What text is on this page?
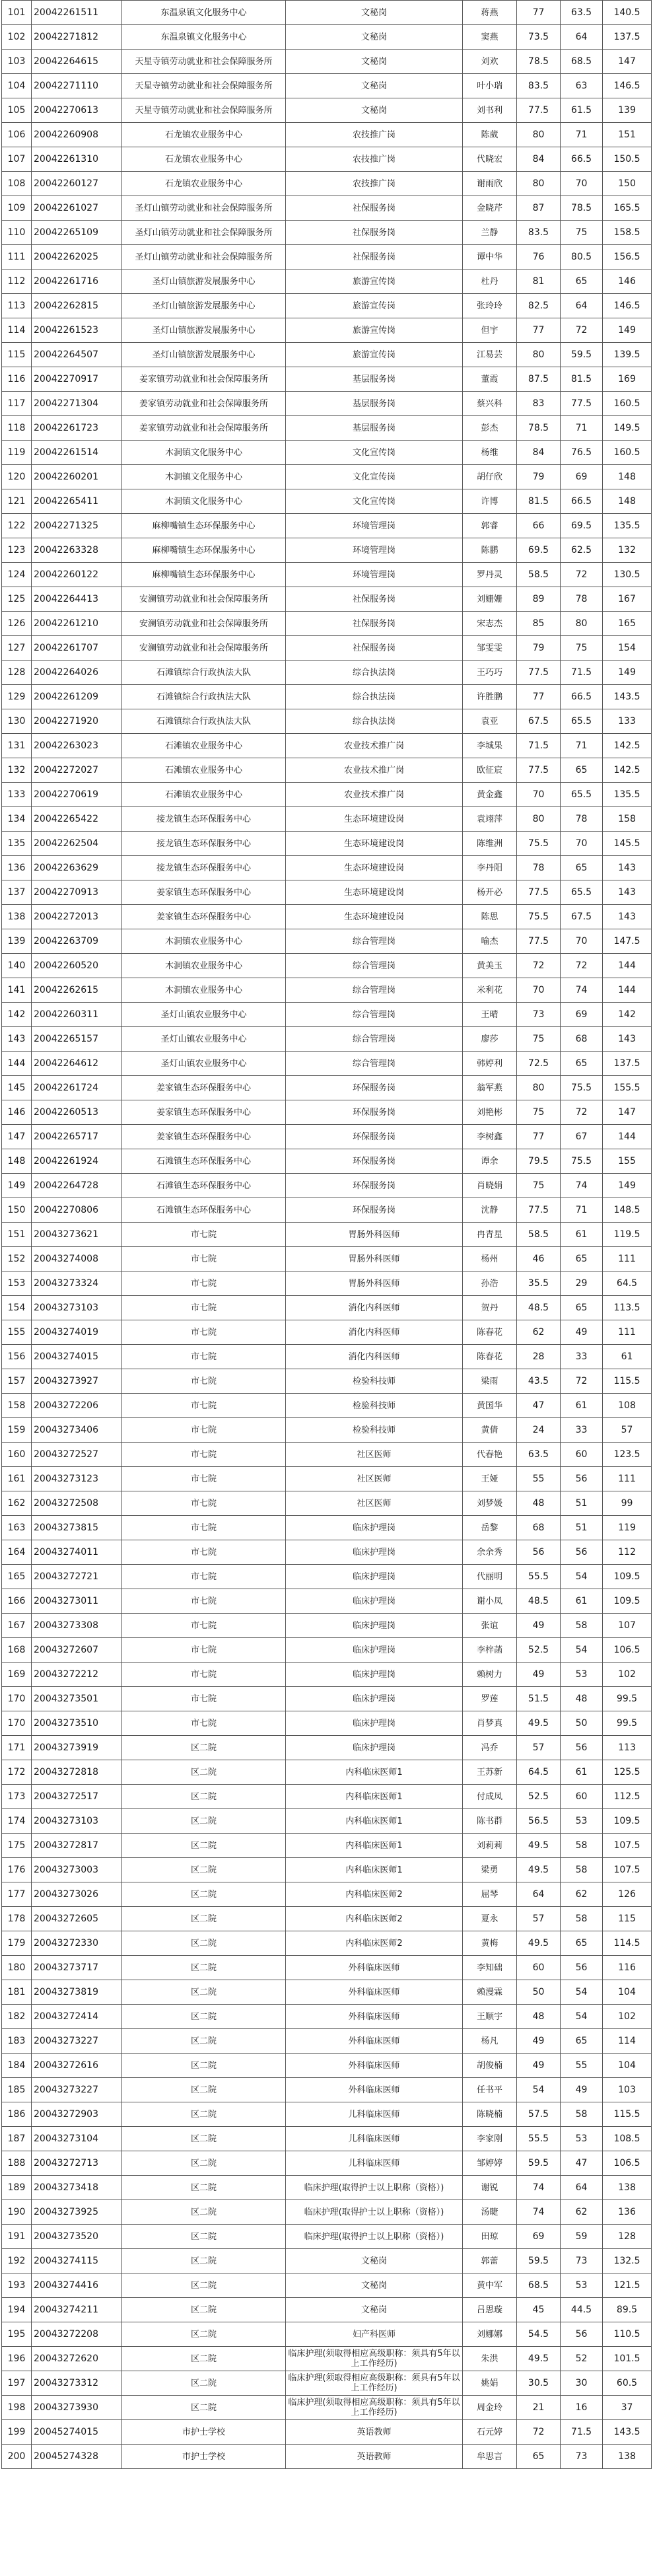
101	20042261511	东温泉镇文化服务中心	文秘岗	蒋燕	77	63.5	140.5
102	20042271812	东温泉镇文化服务中心	文秘岗	窦燕	73.5	64	137.5
103	20042264615	天星寺镇劳动就业和社会保障服务所	文秘岗	刘欢	78.5	68.5	147
104	20042271110	天星寺镇劳动就业和社会保障服务所	文秘岗	叶小瑞	83.5	63	146.5
105	20042270613	天星寺镇劳动就业和社会保障服务所	文秘岗	刘书利	77.5	61.5	139
106	20042260908	石龙镇农业服务中心	农技推广岗	陈葳	80	71	151
107	20042261310	石龙镇农业服务中心	农技推广岗	代晓宏	84	66.5	150.5
108	20042260127	石龙镇农业服务中心	农技推广岗	谢雨欣	80	70	150
109	20042261027	圣灯山镇劳动就业和社会保障服务所	社保服务岗	金晓芹	87	78.5	165.5
110	20042265109	圣灯山镇劳动就业和社会保障服务所	社保服务岗	兰静	83.5	75	158.5
111	20042262025	圣灯山镇劳动就业和社会保障服务所	社保服务岗	谭中华	76	80.5	156.5
112	20042261716	圣灯山镇旅游发展服务中心	旅游宣传岗	杜丹	81	65	146
113	20042262815	圣灯山镇旅游发展服务中心	旅游宣传岗	张玲玲	82.5	64	146.5
114	20042261523	圣灯山镇旅游发展服务中心	旅游宣传岗	但宇	77	72	149
115	20042264507	圣灯山镇旅游发展服务中心	旅游宣传岗	江易芸	80	59.5	139.5
116	20042270917	姜家镇劳动就业和社会保障服务所	基层服务岗	董霞	87.5	81.5	169
117	20042271304	姜家镇劳动就业和社会保障服务所	基层服务岗	蔡兴科	83	77.5	160.5
118	20042261723	姜家镇劳动就业和社会保障服务所	基层服务岗	彭杰	78.5	71	149.5
119	20042261514	木洞镇文化服务中心	文化宣传岗	杨维	84	76.5	160.5
120	20042260201	木洞镇文化服务中心	文化宣传岗	胡仔欣	79	69	148
121	20042265411	木洞镇文化服务中心	文化宣传岗	许博	81.5	66.5	148
122	20042271325	麻柳嘴镇生态环保服务中心	环境管理岗	郭睿	66	69.5	135.5
123	20042263328	麻柳嘴镇生态环保服务中心	环境管理岗	陈鹏	69.5	62.5	132
124	20042260122	麻柳嘴镇生态环保服务中心	环境管理岗	罗丹灵	58.5	72	130.5
125	20042264413	安澜镇劳动就业和社会保障服务所	社保服务岗	刘姗姗	89	78	167
126	20042261210	安澜镇劳动就业和社会保障服务所	社保服务岗	宋志杰	85	80	165
127	20042261707	安澜镇劳动就业和社会保障服务所	社保服务岗	邹雯雯	79	75	154
128	20042264026	石滩镇综合行政执法大队	综合执法岗	王巧巧	77.5	71.5	149
129	20042261209	石滩镇综合行政执法大队	综合执法岗	许胜鹏	77	66.5	143.5
130	20042271920	石滩镇综合行政执法大队	综合执法岗	袁亚	67.5	65.5	133
131	20042263023	石滩镇农业服务中心	农业技术推广岗	李城果	71.5	71	142.5
132	20042272027	石滩镇农业服务中心	农业技术推广岗	欧征宸	77.5	65	142.5
133	20042270619	石滩镇农业服务中心	农业技术推广岗	黄金鑫	70	65.5	135.5
134	20042265422	接龙镇生态环保服务中心	生态环境建设岗	袁翊萍	80	78	158
135	20042262504	接龙镇生态环保服务中心	生态环境建设岗	陈维洲	75.5	70	145.5
136	20042263629	接龙镇生态环保服务中心	生态环境建设岗	李丹阳	78	65	143
137	20042270913	姜家镇生态环保服务中心	生态环境建设岗	杨开必	77.5	65.5	143
138	20042272013	姜家镇生态环保服务中心	生态环境建设岗	陈思	75.5	67.5	143
139	20042263709	木洞镇农业服务中心	综合管理岗	喻杰	77.5	70	147.5
140	20042260520	木洞镇农业服务中心	综合管理岗	黄美玉	72	72	144
141	20042262615	木洞镇农业服务中心	综合管理岗	米利花	70	74	144
142	20042260311	圣灯山镇农业服务中心	综合管理岗	王晴	73	69	142
143	20042265157	圣灯山镇农业服务中心	综合管理岗	廖莎	75	68	143
144	20042264612	圣灯山镇农业服务中心	综合管理岗	韩婷利	72.5	65	137.5
145	20042261724	姜家镇生态环保服务中心	环保服务岗	翁军燕	80	75.5	155.5
146	20042260513	姜家镇生态环保服务中心	环保服务岗	刘艳彬	75	72	147
147	20042265717	姜家镇生态环保服务中心	环保服务岗	李树鑫	77	67	144
148	20042261924	石滩镇生态环保服务中心	环保服务岗	谭余	79.5	75.5	155
149	20042264728	石滩镇生态环保服务中心	环保服务岗	肖晓娟	75	74	149
150	20042270806	石滩镇生态环保服务中心	环保服务岗	沈静	77.5	71	148.5
151	20043273621	市七院	胃肠外科医师	冉青星	58.5	61	119.5
152	20043274008	市七院	胃肠外科医师	杨州	46	65	111
153	20043273324	市七院	胃肠外科医师	孙浩	35.5	29	64.5
154	20043273103	市七院	消化内科医师	贺丹	48.5	65	113.5
155	20043274019	市七院	消化内科医师	陈春花	62	49	111
156	20043274015	市七院	消化内科医师	陈春花	28	33	61
157	20043273927	市七院	检验科技师	梁雨	43.5	72	115.5
158	20043272206	市七院	检验科技师	黄国华	47	61	108
159	20043273406	市七院	检验科技师	黄倩	24	33	57
160	20043272527	市七院	社区医师	代春艳	63.5	60	123.5
161	20043273123	市七院	社区医师	王娅	55	56	111
162	20043272508	市七院	社区医师	刘梦媛	48	51	99
163	20043273815	市七院	临床护理岗	岳黎	68	51	119
164	20043274011	市七院	临床护理岗	余余秀	56	56	112
165	20043272721	市七院	临床护理岗	代丽明	55.5	54	109.5
166	20043273011	市七院	临床护理岗	谢小凤	48.5	61	109.5
167	20043273308	市七院	临床护理岗	张谊	49	58	107
168	20043272607	市七院	临床护理岗	李梓菡	52.5	54	106.5
169	20043272212	市七院	临床护理岗	赖树力	49	53	102
170	20043273501	市七院	临床护理岗	罗莲	51.5	48	99.5
170	20043273510	市七院	临床护理岗	肖梦真	49.5	50	99.5
171	20043273919	区二院	临床护理岗	冯乔	57	56	113
172	20043272818	区二院	内科临床医师1	王苏新	64.5	61	125.5
173	20043272517	区二院	内科临床医师1	付成凤	52.5	60	112.5
174	20043273103	区二院	内科临床医师1	陈书群	56.5	53	109.5
175	20043272817	区二院	内科临床医师1	刘莉莉	49.5	58	107.5
176	20043273003	区二院	内科临床医师1	梁勇	49.5	58	107.5
177	20043273026	区二院	内科临床医师2	屈琴	64	62	126
178	20043272605	区二院	内科临床医师2	夏永	57	58	115
179	20043272330	区二院	内科临床医师2	黄梅	49.5	65	114.5
180	20043273717	区二院	外科临床医师	李知础	60	56	116
181	20043273819	区二院	外科临床医师	赖漫霖	50	54	104
182	20043272414	区二院	外科临床医师	王顺宇	48	54	102
183	20043273227	区二院	外科临床医师	杨凡	49	65	114
184	20043272616	区二院	外科临床医师	胡俊楠	49	55	104
185	20043273227	区二院	外科临床医师	任书平	54	49	103
186	20043272903	区二院	儿科临床医师	陈晓楠	57.5	58	115.5
187	20043273104	区二院	儿科临床医师	李家刚	55.5	53	108.5
188	20043272713	区二院	儿科临床医师	邹婷婷	59.5	47	106.5
189	20043273418	区二院	临床护理(取得护士以上职称（资格）)	谢锐	74	64	138
190	20043273925	区二院	临床护理(取得护士以上职称（资格）)	汤睫	74	62	136
191	20043273520	区二院	临床护理(取得护士以上职称（资格）)	田琼	69	59	128
192	20043274115	区二院	文秘岗	郭蕾	59.5	73	132.5
193	20043274416	区二院	文秘岗	黄中军	68.5	53	121.5
194	20043274211	区二院	文秘岗	吕思璇	45	44.5	89.5
195	20043272208	区二院	妇产科医师	刘娜娜	54.5	56	110.5
196	20043272620	区二院	临床护理(须取得相应高级职称：须具有5年以上工作经历)	朱洪	49.5	52	101.5
197	20043273312	区二院	临床护理(须取得相应高级职称：须具有5年以上工作经历)	姚娟	30.5	30	60.5
198	20043273930	区二院	临床护理(须取得相应高级职称：须具有5年以上工作经历)	周金玲	21	16	37
199	20045274015	市护士学校	英语教师	石元婷	72	71.5	143.5
200	20045274328	市护士学校	英语教师	牟思言	65	73	138
